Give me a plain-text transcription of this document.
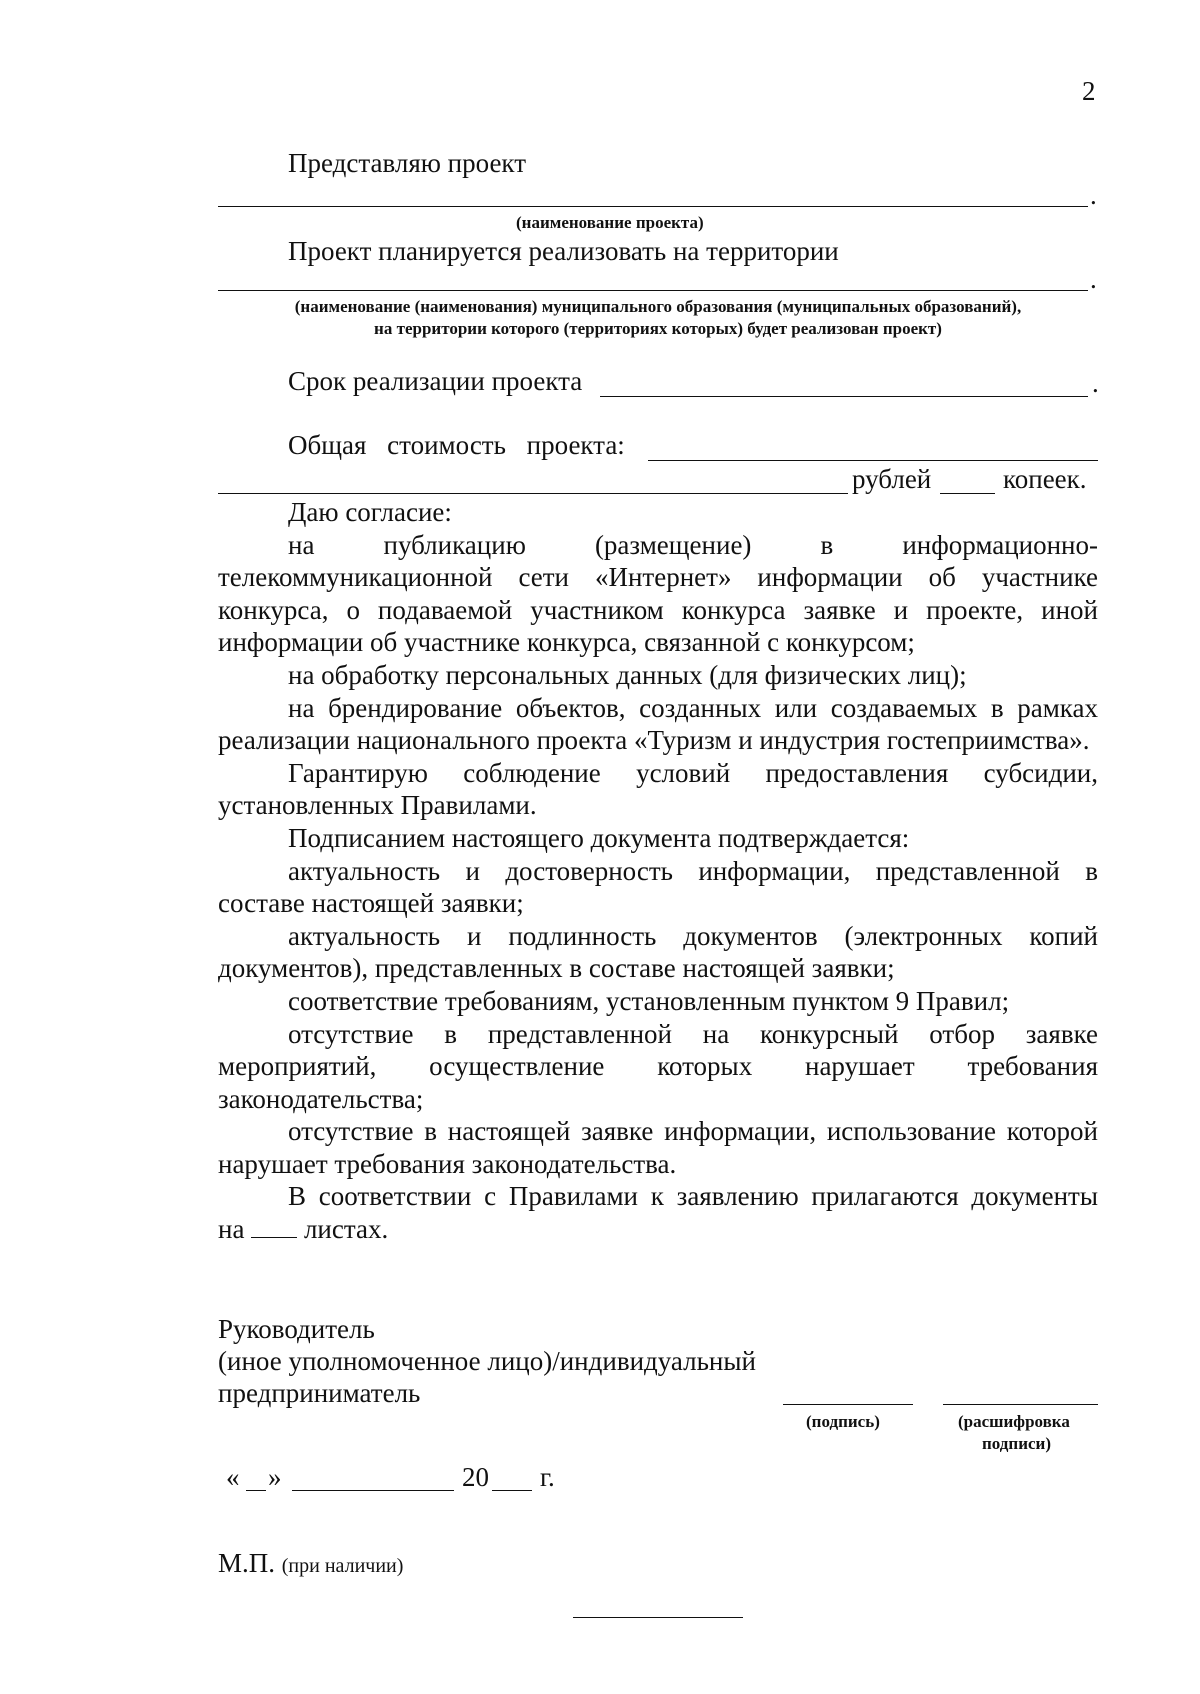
2
Представляю проект
.
(наименование проекта)
Проект планируется реализовать на территории
.
(наименование (наименования) муниципального образования (муниципальных образований),
на территории которого (территориях которых) будет реализован проект)
Срок реализации проекта	.
Общая стоимость проекта:
рублей	копеек.

Даю согласие:

на публикацию (размещение) в информационно-телекоммуникационной сети «Интернет» информации об участнике конкурса, о подаваемой участником конкурса заявке и проекте, иной информации об участнике конкурса, связанной с конкурсом;

на обработку персональных данных (для физических лиц);

на брендирование объектов, созданных или создаваемых в рамках реализации национального проекта «Туризм и индустрия гостеприимства».

Гарантирую соблюдение условий предоставления субсидии, установленных Правилами.

Подписанием настоящего документа подтверждается:

актуальность и достоверность информации, представленной в составе настоящей заявки;

актуальность и подлинность документов (электронных копий документов), представленных в составе настоящей заявки;

соответствие требованиям, установленным пунктом 9 Правил;

отсутствие в представленной на конкурсный отбор заявке мероприятий, осуществление которых нарушает требования законодательства;

отсутствие в настоящей заявке информации, использование которой нарушает требования законодательства.

В соответствии с Правилами к заявлению прилагаются документы

на листах.

Руководитель
(иное уполномоченное лицо)/индивидуальный
предприниматель
(подпись)	(расшифровка
подписи)
« »	20 г.
М.П. (при наличии)
